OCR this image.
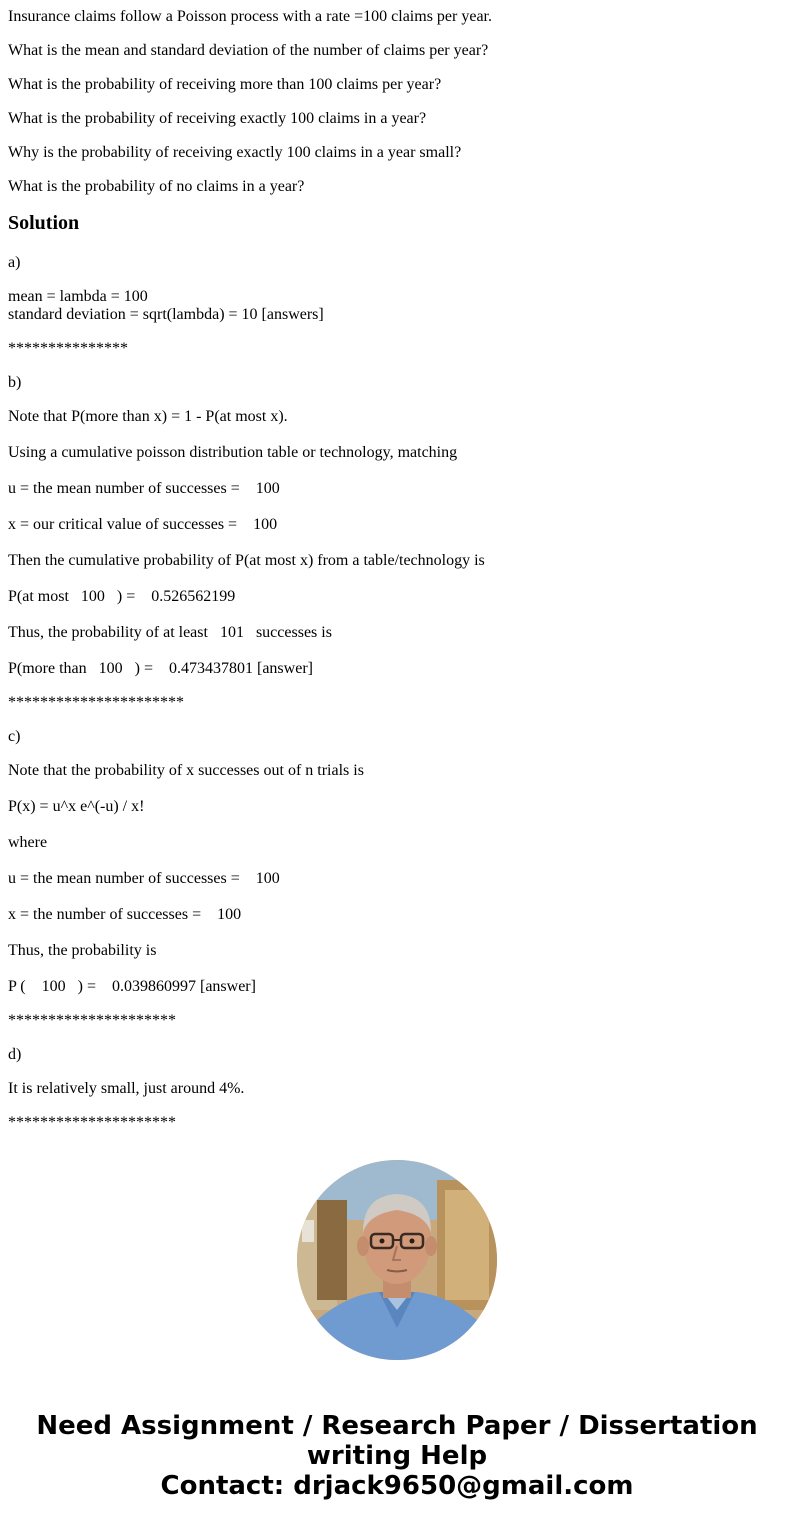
Insurance claims follow a Poisson process with a rate =100 claims per year.

What is the mean and standard deviation of the number of claims per year?

What is the probability of receiving more than 100 claims per year?

What is the probability of receiving exactly 100 claims in a year?

Why is the probability of receiving exactly 100 claims in a year small?

What is the probability of no claims in a year?

Solution

a)

mean = lambda = 100

standard deviation = sqrt(lambda) = 10 [answers]

***************

b)

Note that P(more than x) = 1 - P(at most x).

Using a cumulative poisson distribution table or technology, matching

u = the mean number of successes =    100

x = our critical value of successes =    100

Then the cumulative probability of P(at most x) from a table/technology is

P(at most   100   ) =    0.526562199

Thus, the probability of at least   101   successes is

P(more than   100   ) =    0.473437801 [answer]

**********************

c)

Note that the probability of x successes out of n trials is

P(x) = u^x e^(-u) / x!

where

u = the mean number of successes =    100

x = the number of successes =    100

Thus, the probability is

P (    100   ) =    0.039860997 [answer]

*********************

d)

It is relatively small, just around 4%.

*********************

Need Assignment / Research Paper / Dissertation
writing Help
Contact: drjack9650@gmail.com
